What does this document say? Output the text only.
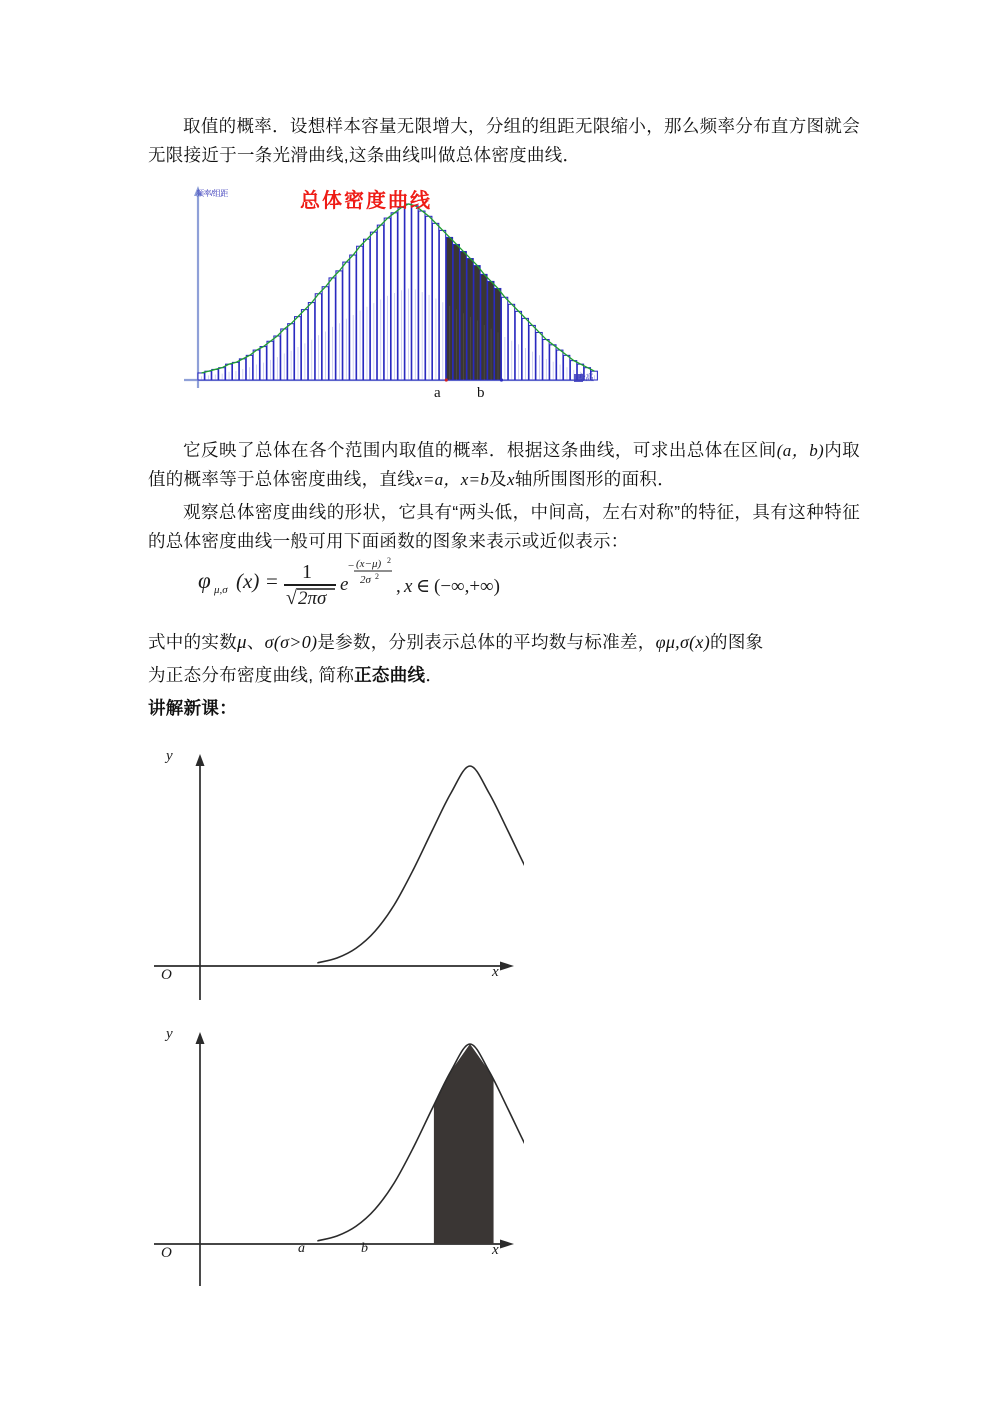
取值的概率．设想样本容量无限增大，分组的组距无限缩小，那么频率分布直方图就会无限接近于一条光滑曲线,这条曲线叫做总体密度曲线．

总体密度曲线
频率/组距
身高
a b

它反映了总体在各个范围内取值的概率．根据这条曲线，可求出总体在区间(a，b)内取值的概率等于总体密度曲线，直线x=a，x=b及x轴所围图形的面积．

观察总体密度曲线的形状，它具有“两头低，中间高，左右对称”的特征，具有这种特征的总体密度曲线一般可用下面函数的图象来表示或近似表示：

φ μ,σ (x) = 1
√ 2πσ
e
− (x−μ) 2
2σ 2 , x ∈ (−∞,+∞)

式中的实数μ、σ(σ>0)是参数，分别表示总体的平均数与标准差，φμ,σ(x)的图象

为正态分布密度曲线, 简称正态曲线．

讲解新课：

y
x
O
y
x
O	a	b
